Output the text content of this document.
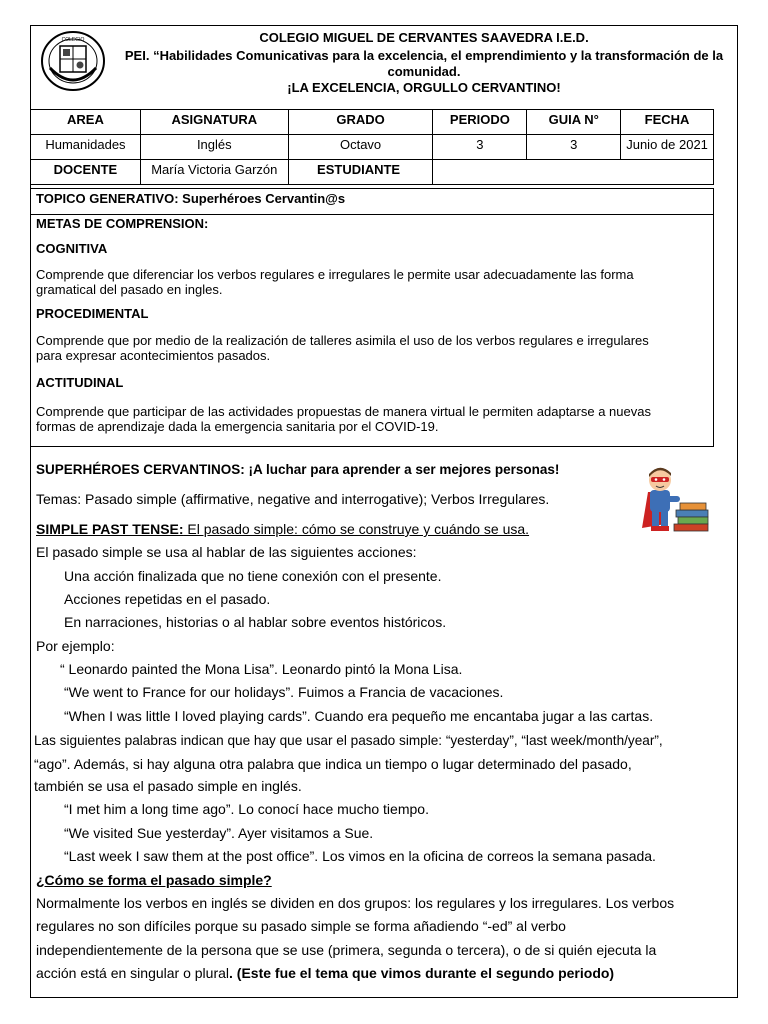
COLEGIO	COLEGIO MIGUEL DE CERVANTES SAAVEDRA I.E.D.
PEI. “Habilidades Comunicativas para la excelencia, el emprendimiento y la transformación de la
comunidad.
¡LA EXCELENCIA, ORGULLO CERVANTINO!
AREA	ASIGNATURA	GRADO	PERIODO	GUIA N°	FECHA
Humanidades	Inglés	Octavo	3	3	Junio de 2021
DOCENTE	María Victoria Garzón	ESTUDIANTE			
TOPICO GENERATIVO: Superhéroes Cervantin@s
METAS DE COMPRENSION:
COGNITIVA
Comprende que diferenciar los verbos regulares e irregulares le permite usar adecuadamente las forma
gramatical del pasado en ingles.
PROCEDIMENTAL
Comprende que por medio de la realización de talleres asimila el uso de los verbos regulares e irregulares
para expresar acontecimientos pasados.
ACTITUDINAL
Comprende que participar de las actividades propuestas de manera virtual le permiten adaptarse a nuevas
formas de aprendizaje dada la emergencia sanitaria por el COVID-19.
SUPERHÉROES CERVANTINOS: ¡A luchar para aprender a ser mejores personas!
Temas: Pasado simple (affirmative, negative and interrogative); Verbos Irregulares.
SIMPLE PAST TENSE: El pasado simple: cómo se construye y cuándo se usa.
El pasado simple se usa al hablar de las siguientes acciones:
Una acción finalizada que no tiene conexión con el presente.
Acciones repetidas en el pasado.
En narraciones, historias o al hablar sobre eventos históricos.
Por ejemplo:
“ Leonardo painted the Mona Lisa”. Leonardo pintó la Mona Lisa.
“We went to France for our holidays”. Fuimos a Francia de vacaciones.
“When I was little I loved playing cards”. Cuando era pequeño me encantaba jugar a las cartas.
Las siguientes palabras indican que hay que usar el pasado simple: “yesterday”, “last week/month/year”,
“ago”. Además, si hay alguna otra palabra que indica un tiempo o lugar determinado del pasado,
también se usa el pasado simple en inglés.
“I met him a long time ago”. Lo conocí hace mucho tiempo.
“We visited Sue yesterday”. Ayer visitamos a Sue.
“Last week I saw them at the post office”. Los vimos en la oficina de correos la semana pasada.
¿Cómo se forma el pasado simple?
Normalmente los verbos en inglés se dividen en dos grupos: los regulares y los irregulares. Los verbos
regulares no son difíciles porque su pasado simple se forma añadiendo “-ed” al verbo
independientemente de la persona que se use (primera, segunda o tercera), o de si quién ejecuta la
acción está en singular o plural. (Este fue el tema que vimos durante el segundo periodo)
